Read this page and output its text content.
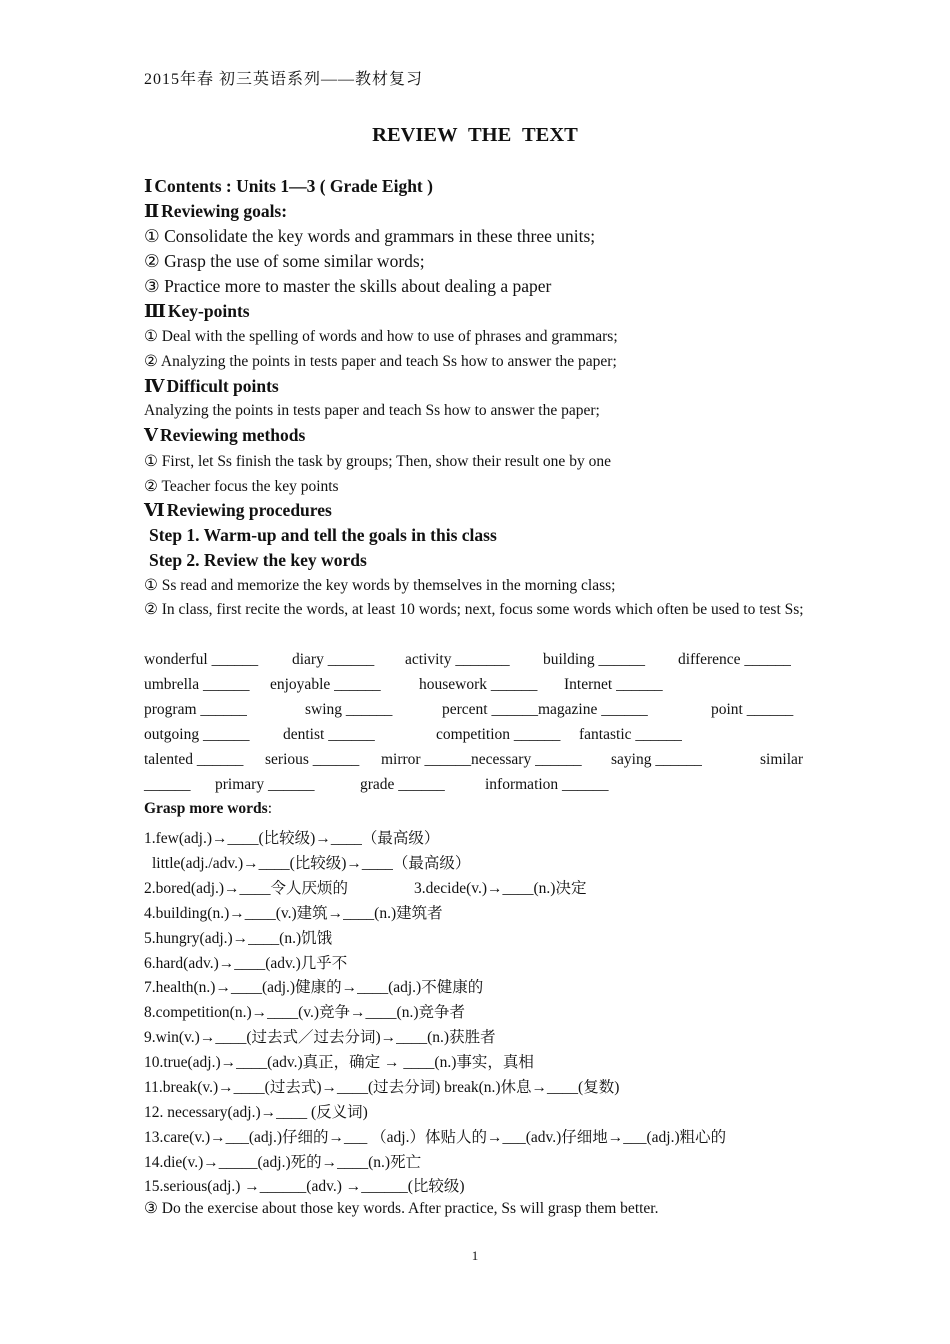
2015年春 初三英语系列——教材复习
REVIEW THE TEXT
Ⅰ Contents : Units 1—3 ( Grade Eight )
Ⅱ Reviewing goals:
① Consolidate the key words and grammars in these three units;
② Grasp the use of some similar words;
③ Practice more to master the skills about dealing a paper
Ⅲ Key-points
① Deal with the spelling of words and how to use of phrases and grammars;
② Analyzing the points in tests paper and teach Ss how to answer the paper;
Ⅳ Difficult points
Analyzing the points in tests paper and teach Ss how to answer the paper;
Ⅴ Reviewing methods
① First, let Ss finish the task by groups; Then, show their result one by one
② Teacher focus the key points
Ⅵ Reviewing procedures
Step 1. Warm-up and tell the goals in this class
Step 2. Review the key words
① Ss read and memorize the key words by themselves in the morning class;
② In class, first recite the words, at least 10 words; next, focus some words which often be used to test Ss;
wonderful ______ diary ______ activity _______ building ______ difference ______
umbrella ______ enjoyable ______ housework ______ Internet ______
program ______	swing ______	percent ______magazine ______	point ______
outgoing ______ dentist ______	competition ______ fantastic ______
talented ______ serious ______ mirror ______necessary ______ saying ______	similar
______ primary ______	grade ______	information ______
Grasp more words:
1.few(adj.)→____(比较级)→____（最高级）
little(adj./adv.)→____(比较级)→____（最高级）
2.bored(adj.)→____令人厌烦的	3.decide(v.)→____(n.)决定
4.building(n.)→____(v.)建筑→____(n.)建筑者
5.hungry(adj.)→____(n.)饥饿
6.hard(adv.)→____(adv.)几乎不
7.health(n.)→____(adj.)健康的→____(adj.)不健康的
8.competition(n.)→____(v.)竞争→____(n.)竞争者
9.win(v.)→____(过去式／过去分词)→____(n.)获胜者
10.true(adj.)→____(adv.)真正，确定 → ____(n.)事实，真相
11.break(v.)→____(过去式)→____(过去分词) break(n.)休息→____(复数)
12. necessary(adj.)→____ (反义词)
13.care(v.)→___(adj.)仔细的→___ （adj.）体贴人的→___(adv.)仔细地→___(adj.)粗心的
14.die(v.)→_____(adj.)死的→____(n.)死亡
15.serious(adj.) →______(adv.) →______(比较级)
③ Do the exercise about those key words. After practice, Ss will grasp them better.
1
